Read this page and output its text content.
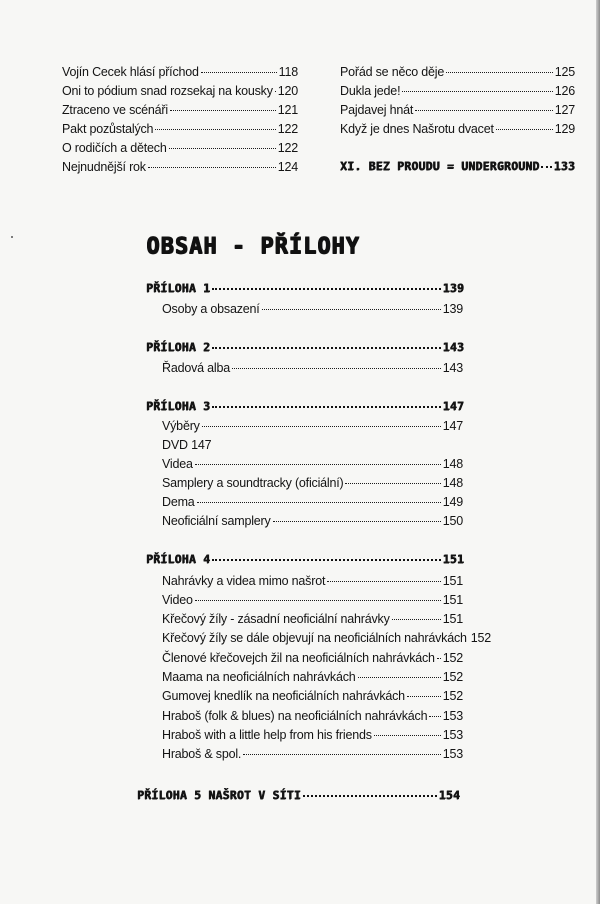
Vojín Cecek hlásí příchod	118
Oni to pódium snad rozsekaj na kousky 120
Ztraceno ve scénáři	121
Pakt pozůstalých	122
O rodičích a dětech	122
Nejnudnější rok	124
Pořád se něco děje	125
Dukla jede!	126
Pajdavej hnát	127
Když je dnes Našrotu dvacet	129
XI. BEZ PROUDU = UNDERGROUND 133
OBSAH - PŘÍLOHY
PŘÍLOHA 1	139
Osoby a obsazení	139
PŘÍLOHA 2	143
Řadová alba	143
PŘÍLOHA 3	147
Výběry	147
DVD 147
Videa	148
Samplery a soundtracky (oficiální)	148
Dema	149
Neoficiální samplery	150
PŘÍLOHA 4	151
Nahrávky a videa mimo našrot	151
Video	151
Křečový žíly - zásadní neoficiální nahrávky	151
Křečový žíly se dále objevují na neoficiálních nahrávkách 152
Členové křečovejch žil na neoficiálních nahrávkách 152
Maama na neoficiálních nahrávkách	152
Gumovej knedlík na neoficiálních nahrávkách	152
Hraboš (folk & blues) na neoficiálních nahrávkách 153
Hraboš with a little help from his friends	153
Hraboš & spol.	153
PŘÍLOHA 5 NAŠROT V SÍTI	154
